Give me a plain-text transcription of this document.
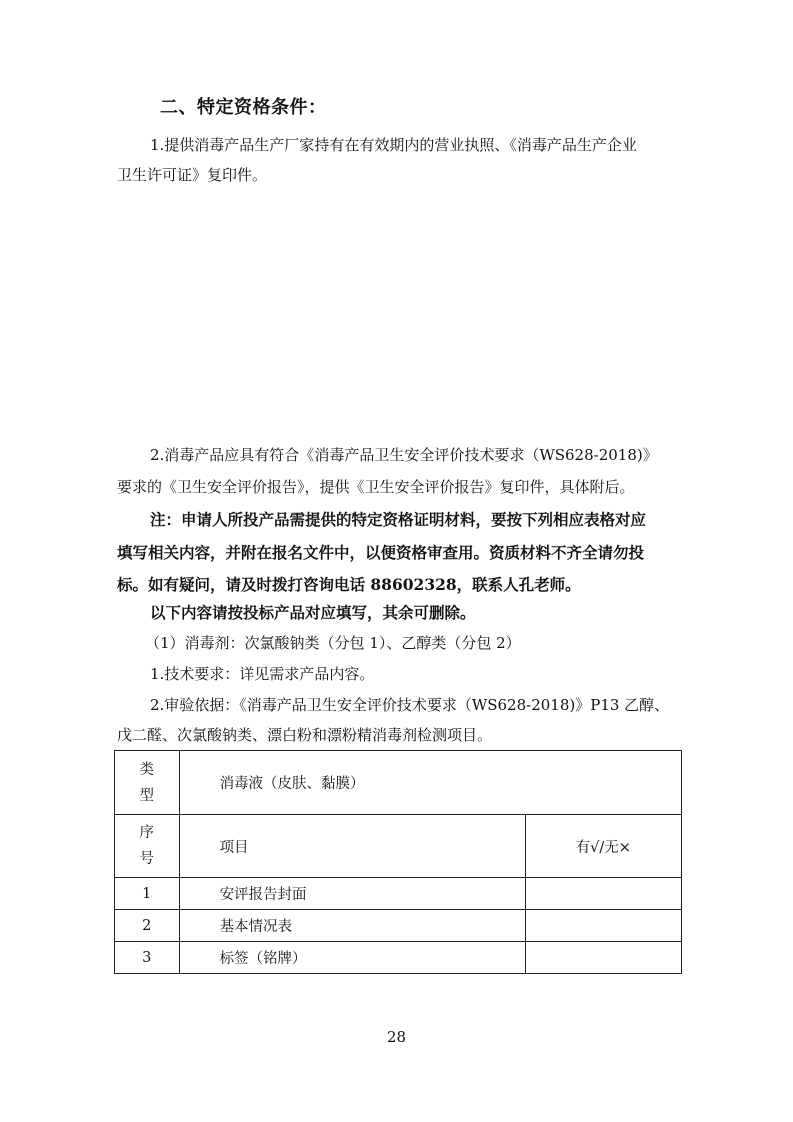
二、特定资格条件：
1.提供消毒产品生产厂家持有在有效期内的营业执照、《消毒产品生产企业
卫生许可证》复印件。
2.消毒产品应具有符合《消毒产品卫生安全评价技术要求（WS628-2018)》
要求的《卫生安全评价报告》，提供《卫生安全评价报告》复印件，具体附后。
注：申请人所投产品需提供的特定资格证明材料，要按下列相应表格对应
填写相关内容，并附在报名文件中，以便资格审查用。资质材料不齐全请勿投
标。如有疑问，请及时拨打咨询电话 88602328，联系人孔老师。
以下内容请按投标产品对应填写，其余可删除。
（1）消毒剂：次氯酸钠类（分包 1）、乙醇类（分包 2）
1.技术要求：详见需求产品内容。
2.审验依据：《消毒产品卫生安全评价技术要求（WS628-2018)》P13 乙醇、
戊二醛、次氯酸钠类、漂白粉和漂粉精消毒剂检测项目。
类
型	消毒液（皮肤、黏膜）	

序
号	项目	有√/无×
1	安评报告封面	
2	基本情况表	
3	标签（铭牌）	
28
